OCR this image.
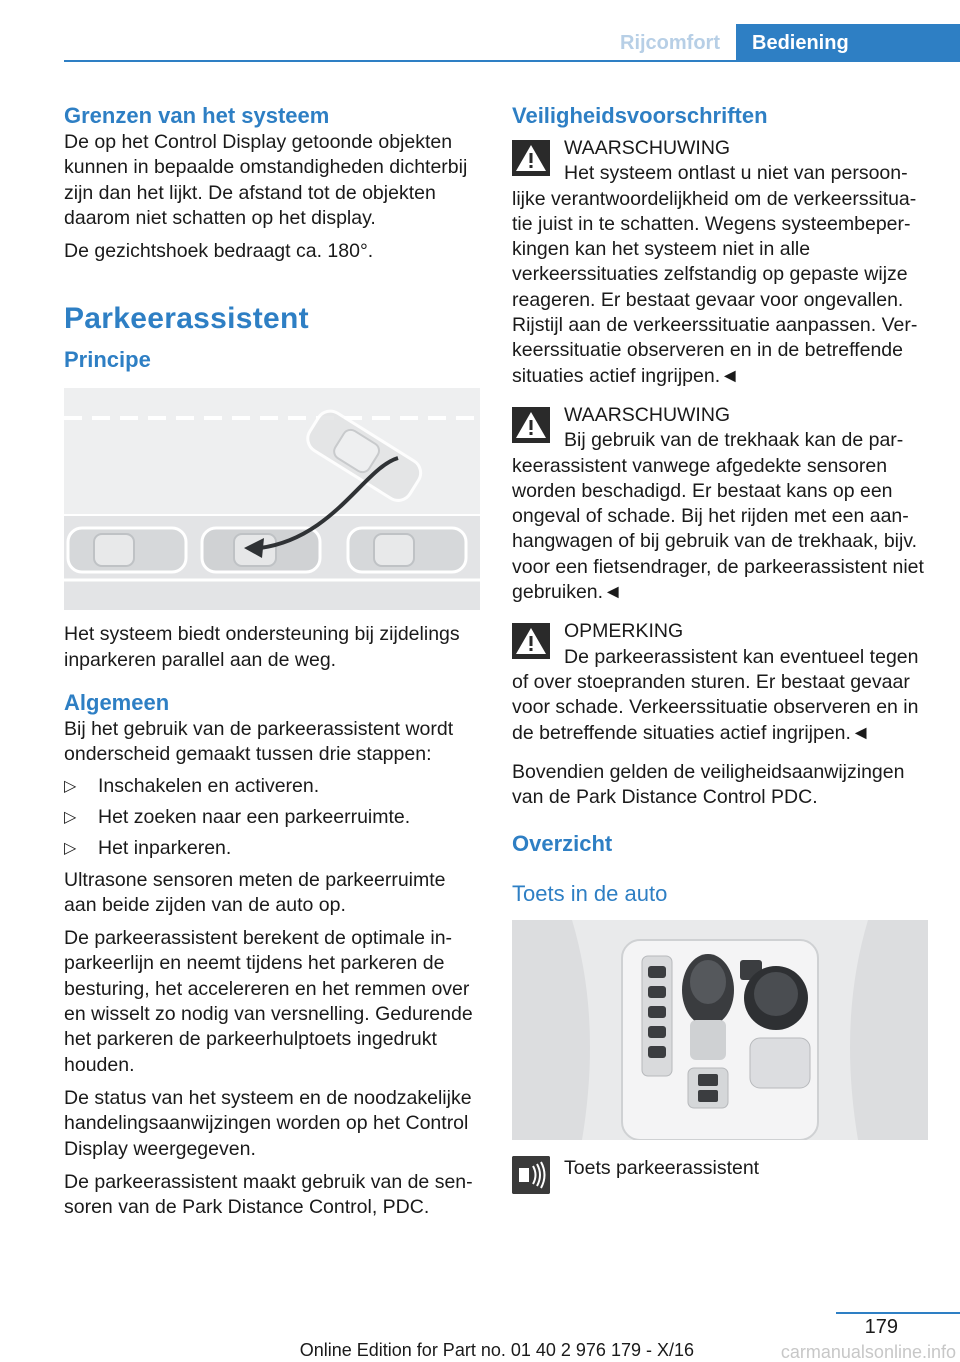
Rijcomfort	Bediening
Grenzen van het systeem

De op het Control Display getoonde objekten kunnen in bepaalde omstandigheden dichterbij zijn dan het lijkt. De afstand tot de objekten daarom niet schatten op het display.

De gezichtshoek bedraagt ca. 180°.

Parkeerassistent
Principe

Het systeem biedt ondersteuning bij zijdelings inparkeren parallel aan de weg.

Algemeen

Bij het gebruik van de parkeerassistent wordt onderscheid gemaakt tussen drie stappen:

▷ Inschakelen en activeren.
▷ Het zoeken naar een parkeerruimte.
▷ Het inparkeren.

Ultrasone sensoren meten de parkeerruimte aan beide zijden van de auto op.

De parkeerassistent berekent de optimale inparkeerlijn en neemt tijdens het parkeren de besturing, het accelereren en het remmen over en wisselt zo nodig van versnelling. Gedurende het parkeren de parkeerhulptoets ingedrukt houden.

De status van het systeem en de noodzakelijke handelingsaanwijzingen worden op het Control Display weergegeven.

De parkeerassistent maakt gebruik van de sensoren van de Park Distance Control, PDC.

Veiligheidsvoorschriften
WAARSCHUWING
Het systeem ontlast u niet van persoon-
lijke verantwoordelijkheid om de verkeerssituatie juist in te schatten. Wegens systeembeperkingen kan het systeem niet in alle verkeerssituaties zelfstandig op gepaste wijze reageren. Er bestaat gevaar voor ongevallen. Rijstijl aan de verkeerssituatie aanpassen. Verkeerssituatie observeren en in de betreffende situaties actief ingrijpen.◄
WAARSCHUWING
Bij gebruik van de trekhaak kan de par-
keerassistent vanwege afgedekte sensoren worden beschadigd. Er bestaat kans op een ongeval of schade. Bij het rijden met een aanhangwagen of bij gebruik van de trekhaak, bijv. voor een fietsendrager, de parkeerassistent niet gebruiken.◄
OPMERKING
De parkeerassistent kan eventueel tegen
of over stoepranden sturen. Er bestaat gevaar voor schade. Verkeerssituatie observeren en in de betreffende situaties actief ingrijpen.◄

Bovendien gelden de veiligheidsaanwijzingen van de Park Distance Control PDC.

Overzicht
Toets in de auto

Toets parkeerassistent

179
Online Edition for Part no. 01 40 2 976 179 - X/16	carmanualsonline.info
